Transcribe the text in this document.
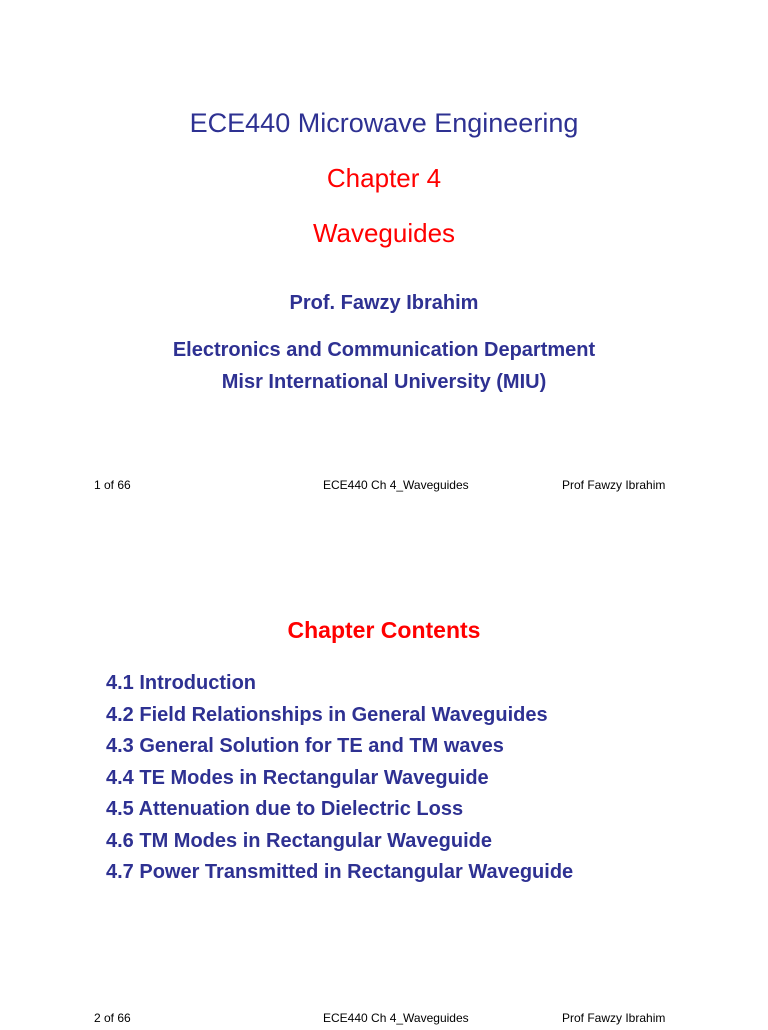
ECE440 Microwave Engineering
Chapter 4
Waveguides
Prof. Fawzy Ibrahim
Electronics and Communication Department
Misr International University (MIU)
1 of 66	ECE440 Ch 4_Waveguides	Prof Fawzy Ibrahim
Chapter Contents
4.1 Introduction
4.2 Field Relationships in General Waveguides
4.3 General Solution for TE and TM waves
4.4 TE Modes in Rectangular Waveguide
4.5 Attenuation due to Dielectric Loss
4.6 TM Modes in Rectangular Waveguide
4.7 Power Transmitted in Rectangular Waveguide
2 of 66	ECE440 Ch 4_Waveguides	Prof Fawzy Ibrahim
